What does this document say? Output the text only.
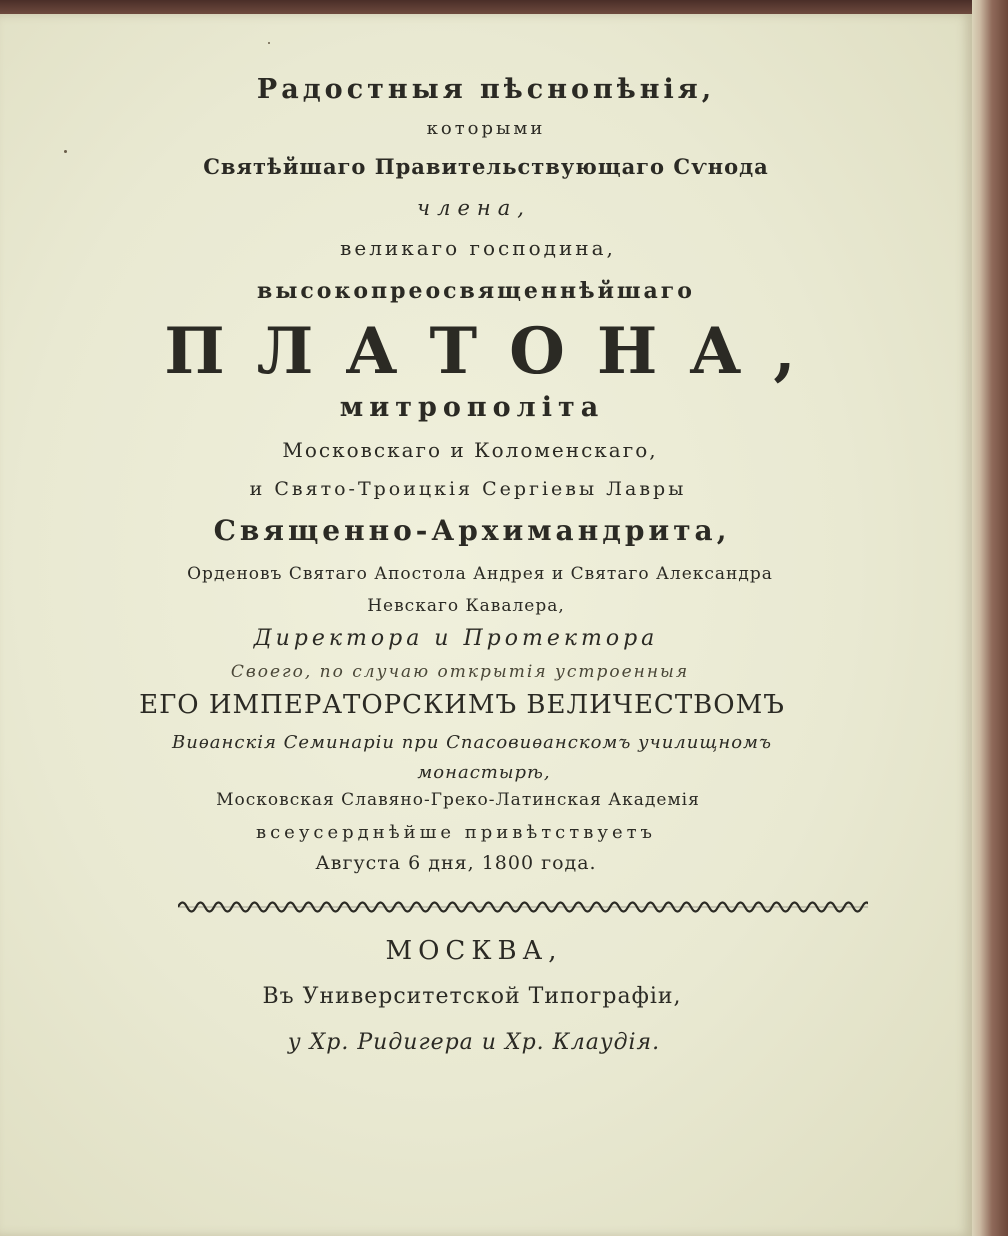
Радостныя пѣснопѣнія,
которыми
Святѣйшаго Правительствующаго Сѵнода
члена,
великаго господина,
высокопреосвященнѣйшаго
ПЛАТОНА,
митрополіта
Московскаго и Коломенскаго,
и Свято-Троицкія Сергіевы Лавры
Священно-Архимандрита,
Орденовъ Святаго Апостола Андрея и Святаго Александра
Невскаго Кавалера,
Директора и Протектора
Своего, по случаю открытія устроенныя
ЕГО ИМПЕРАТОРСКИМЪ ВЕЛИЧЕСТВОМЪ
Виѳанскія Семинаріи при Спасовиѳанскомъ училищномъ
монастырѣ,
Московская Славяно-Греко-Латинская Академія
всеусерднѣйше привѣтствуетъ
Августа 6 дня, 1800 года.
МОСКВА,
Въ Университетской Типографіи,
у Хр. Ридигера и Хр. Клаудія.
